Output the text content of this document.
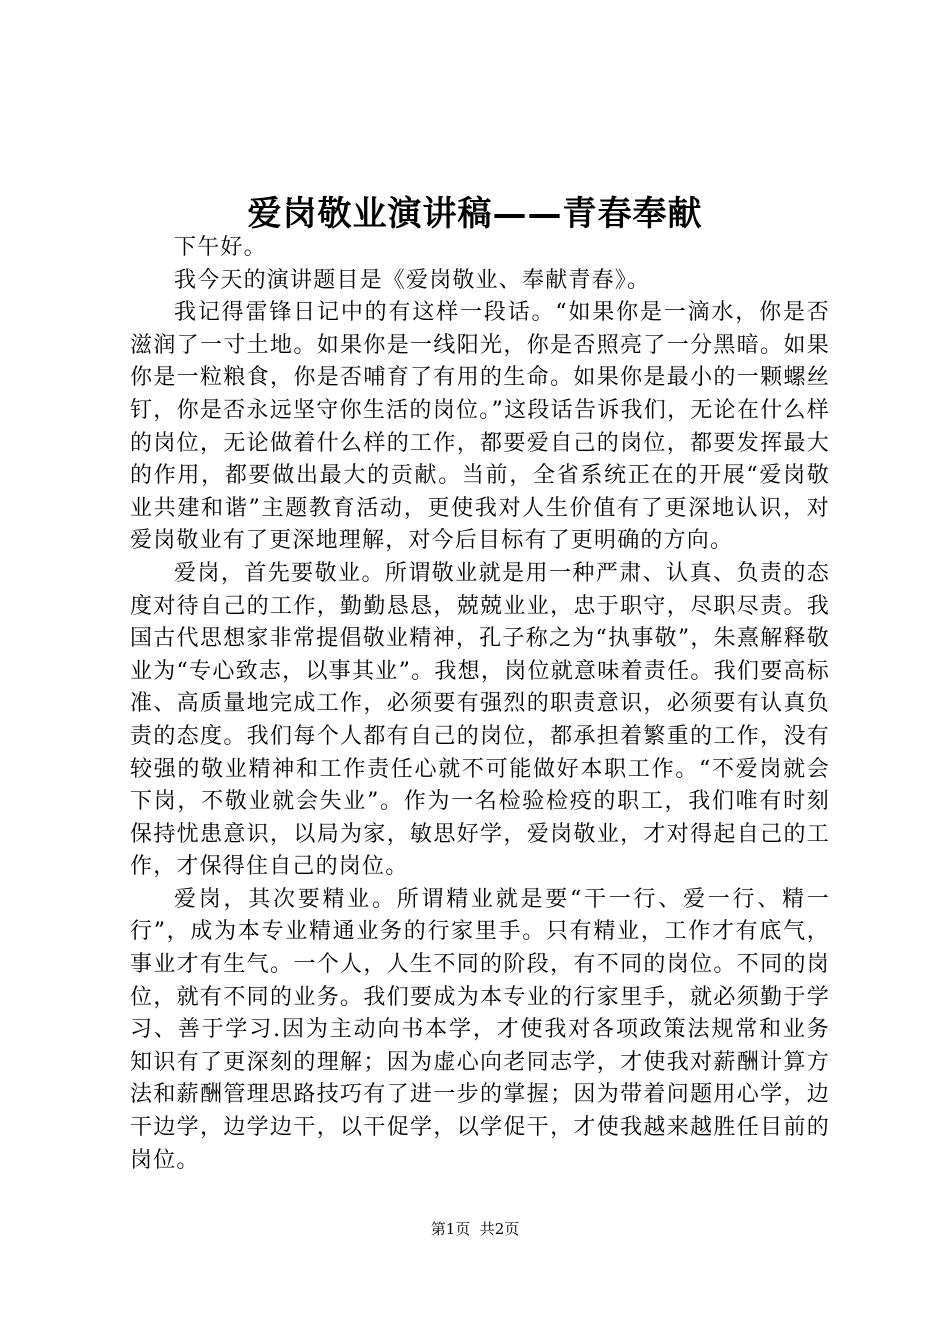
爱岗敬业演讲稿——青春奉献

下午好。

我今天的演讲题目是《爱岗敬业、奉献青春》。

我记得雷锋日记中的有这样一段话。“如果你是一滴水，你是否滋润了一寸土地。如果你是一线阳光，你是否照亮了一分黑暗。如果你是一粒粮食，你是否哺育了有用的生命。如果你是最小的一颗螺丝钉，你是否永远坚守你生活的岗位。”这段话告诉我们，无论在什么样的岗位，无论做着什么样的工作，都要爱自己的岗位，都要发挥最大的作用，都要做出最大的贡献。当前，全省系统正在的开展“爱岗敬业共建和谐”主题教育活动，更使我对人生价值有了更深地认识，对爱岗敬业有了更深地理解，对今后目标有了更明确的方向。

爱岗，首先要敬业。所谓敬业就是用一种严肃、认真、负责的态度对待自己的工作，勤勤恳恳，兢兢业业，忠于职守，尽职尽责。我国古代思想家非常提倡敬业精神，孔子称之为“执事敬”，朱熹解释敬业为“专心致志，以事其业”。我想，岗位就意味着责任。我们要高标准、高质量地完成工作，必须要有强烈的职责意识，必须要有认真负责的态度。我们每个人都有自己的岗位，都承担着繁重的工作，没有较强的敬业精神和工作责任心就不可能做好本职工作。“不爱岗就会下岗，不敬业就会失业”。作为一名检验检疫的职工，我们唯有时刻保持忧患意识，以局为家，敏思好学，爱岗敬业，才对得起自己的工作，才保得住自己的岗位。

爱岗，其次要精业。所谓精业就是要“干一行、爱一行、精一行”，成为本专业精通业务的行家里手。只有精业，工作才有底气，事业才有生气。一个人，人生不同的阶段，有不同的岗位。不同的岗位，就有不同的业务。我们要成为本专业的行家里手，就必须勤于学习、善于学习.因为主动向书本学，才使我对各项政策法规常和业务知识有了更深刻的理解；因为虚心向老同志学，才使我对薪酬计算方法和薪酬管理思路技巧有了进一步的掌握；因为带着问题用心学，边干边学，边学边干，以干促学，以学促干，才使我越来越胜任目前的岗位。

第1页  共2页
